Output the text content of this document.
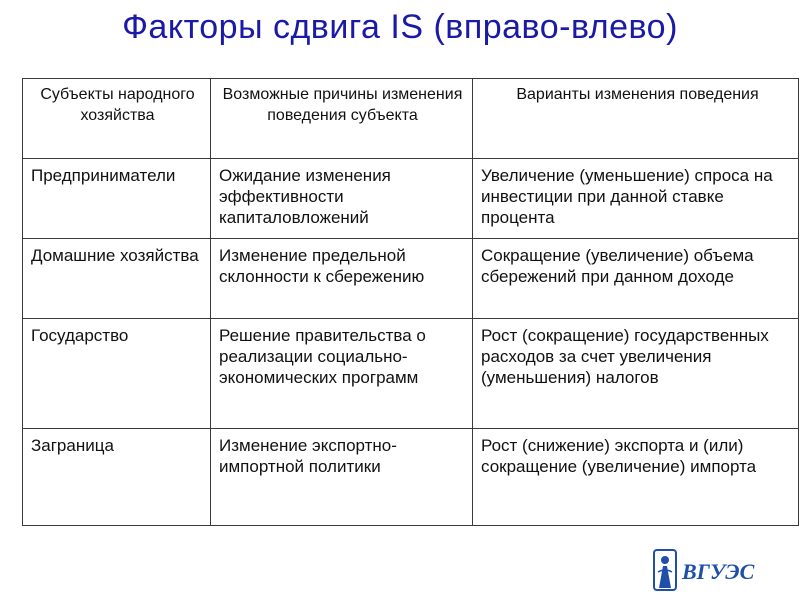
Факторы сдвига IS (вправо-влево)
Субъекты народного хозяйства	Возможные причины изменения поведения субъекта	Варианты изменения поведения
Предприниматели	Ожидание изменения эффективности капиталовложений	Увеличение (уменьшение) спроса на инвестиции при данной ставке процента
Домашние хозяйства	Изменение предельной склонности к сбережению	Сокращение (увеличение) объема сбережений при данном доходе
Государство	Решение правительства о реализации социально-экономических программ	Рост (сокращение) государственных расходов за счет увеличения (уменьшения) налогов
Заграница	Изменение экспортно-импортной политики	Рост (снижение) экспорта и (или) сокращение (увеличение) импорта
ВГУЭС
